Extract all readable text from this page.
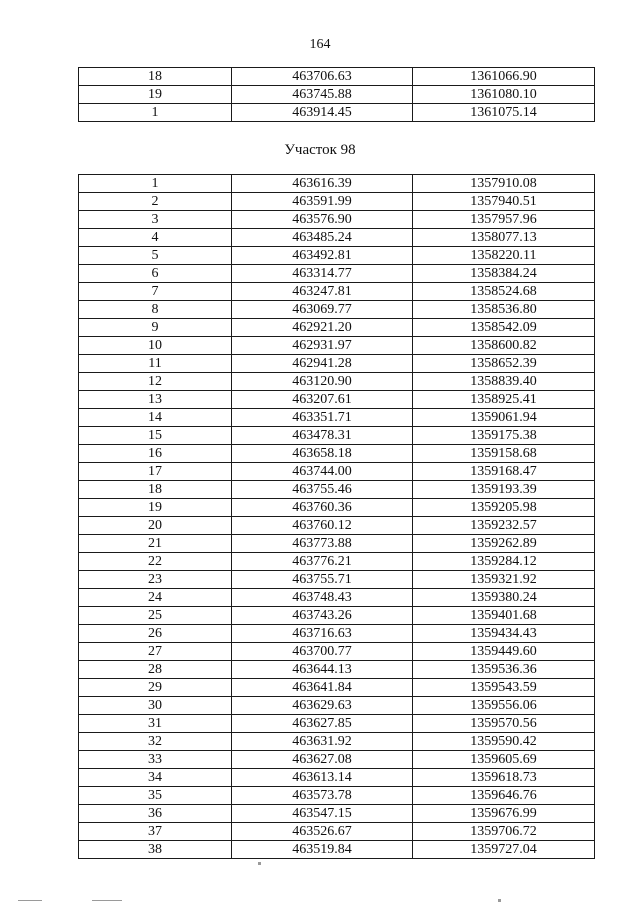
164
18	463706.63	1361066.90
19	463745.88	1361080.10
1	463914.45	1361075.14
Участок 98
1	463616.39	1357910.08
2	463591.99	1357940.51
3	463576.90	1357957.96
4	463485.24	1358077.13
5	463492.81	1358220.11
6	463314.77	1358384.24
7	463247.81	1358524.68
8	463069.77	1358536.80
9	462921.20	1358542.09
10	462931.97	1358600.82
11	462941.28	1358652.39
12	463120.90	1358839.40
13	463207.61	1358925.41
14	463351.71	1359061.94
15	463478.31	1359175.38
16	463658.18	1359158.68
17	463744.00	1359168.47
18	463755.46	1359193.39
19	463760.36	1359205.98
20	463760.12	1359232.57
21	463773.88	1359262.89
22	463776.21	1359284.12
23	463755.71	1359321.92
24	463748.43	1359380.24
25	463743.26	1359401.68
26	463716.63	1359434.43
27	463700.77	1359449.60
28	463644.13	1359536.36
29	463641.84	1359543.59
30	463629.63	1359556.06
31	463627.85	1359570.56
32	463631.92	1359590.42
33	463627.08	1359605.69
34	463613.14	1359618.73
35	463573.78	1359646.76
36	463547.15	1359676.99
37	463526.67	1359706.72
38	463519.84	1359727.04
